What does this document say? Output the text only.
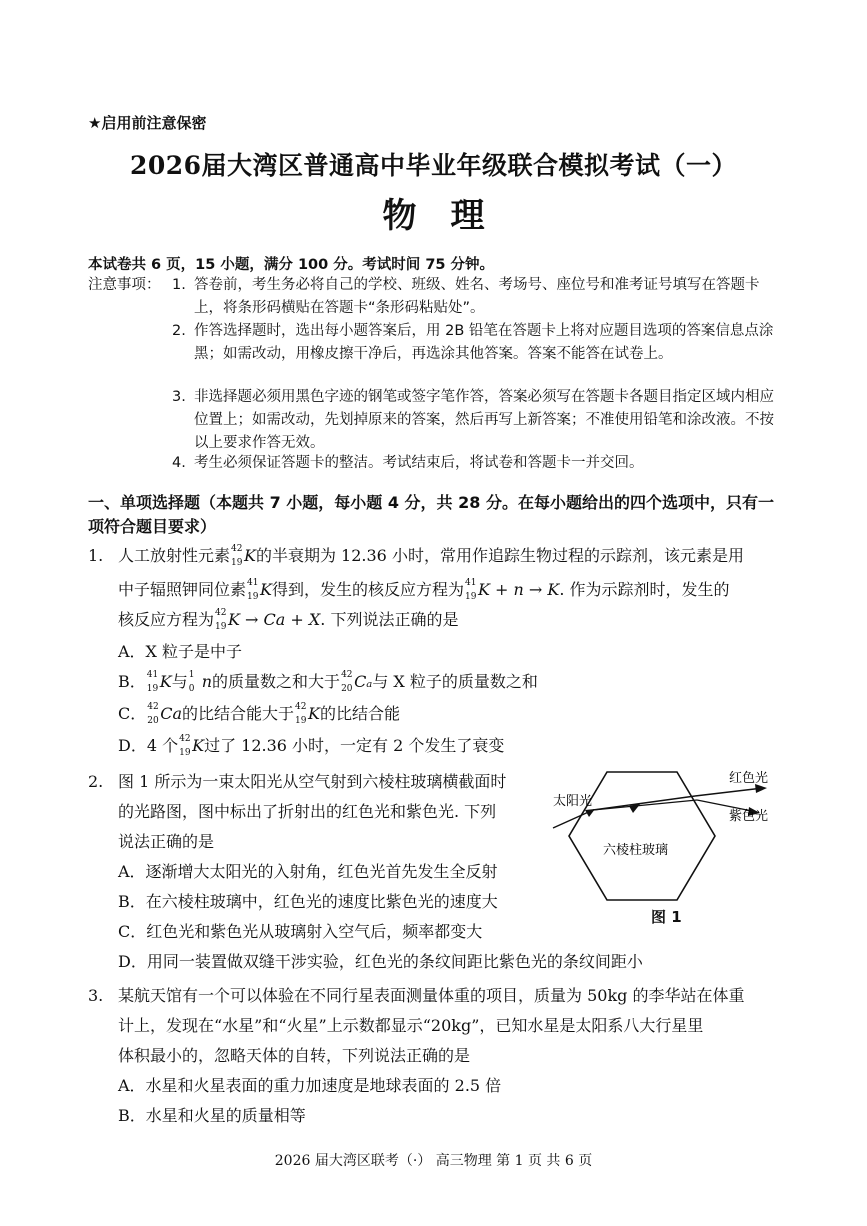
★启用前注意保密
2026届大湾区普通高中毕业年级联合模拟考试（一）
物理
本试卷共 6 页，15 小题，满分 100 分。考试时间 75 分钟。
注意事项： 1. 答卷前，考生务必将自己的学校、班级、姓名、考场号、座位号和准考证号填写在答题卡上，将条形码横贴在答题卡“条形码粘贴处”。
2. 作答选择题时，选出每小题答案后，用 2B 铅笔在答题卡上将对应题目选项的答案信息点涂黑；如需改动，用橡皮擦干净后，再选涂其他答案。答案不能答在试卷上。
3. 非选择题必须用黑色字迹的钢笔或签字笔作答，答案必须写在答题卡各题目指定区域内相应位置上；如需改动，先划掉原来的答案，然后再写上新答案；不准使用铅笔和涂改液。不按以上要求作答无效。
4. 考生必须保证答题卡的整洁。考试结束后，将试卷和答题卡一并交回。
一、单项选择题（本题共 7 小题，每小题 4 分，共 28 分。在每小题给出的四个选项中，只有一项符合题目要求）
1. 人工放射性元素 42
19 K的半衰期为 12.36 小时，常用作追踪生物过程的示踪剂，该元素是用
中子辐照钾同位素 41
19 K得到，发生的核反应方程为 41
19 K + n → K. 作为示踪剂时，发生的
核反应方程为 42
19 K → Ca + X. 下列说法正确的是
A．X 粒子是中子
B． 41
19 K与 1
0 n的质量数之和大于 42
20 Cₐ与 X 粒子的质量数之和
C． 42
20 Ca的比结合能大于 42
19 K的比结合能
D．4 个 42
19 K过了 12.36 小时，一定有 2 个发生了衰变
2. 图 1 所示为一束太阳光从空气射到六棱柱玻璃横截面时
的光路图，图中标出了折射出的红色光和紫色光. 下列
说法正确的是
A．逐渐增大太阳光的入射角，红色光首先发生全反射
B．在六棱柱玻璃中，红色光的速度比紫色光的速度大
C．红色光和紫色光从玻璃射入空气后，频率都变大
D．用同一装置做双缝干涉实验，红色光的条纹间距比紫色光的条纹间距小
太阳光
红色光
紫色光
六棱柱玻璃
图 1
3. 某航天馆有一个可以体验在不同行星表面测量体重的项目，质量为 50kg 的李华站在体重
计上，发现在“水星”和“火星”上示数都显示“20kg”，已知水星是太阳系八大行星里
体积最小的，忽略天体的自转，下列说法正确的是
A．水星和火星表面的重力加速度是地球表面的 2.5 倍
B．水星和火星的质量相等
2026 届大湾区联考（·） 高三物理 第 1 页 共 6 页
